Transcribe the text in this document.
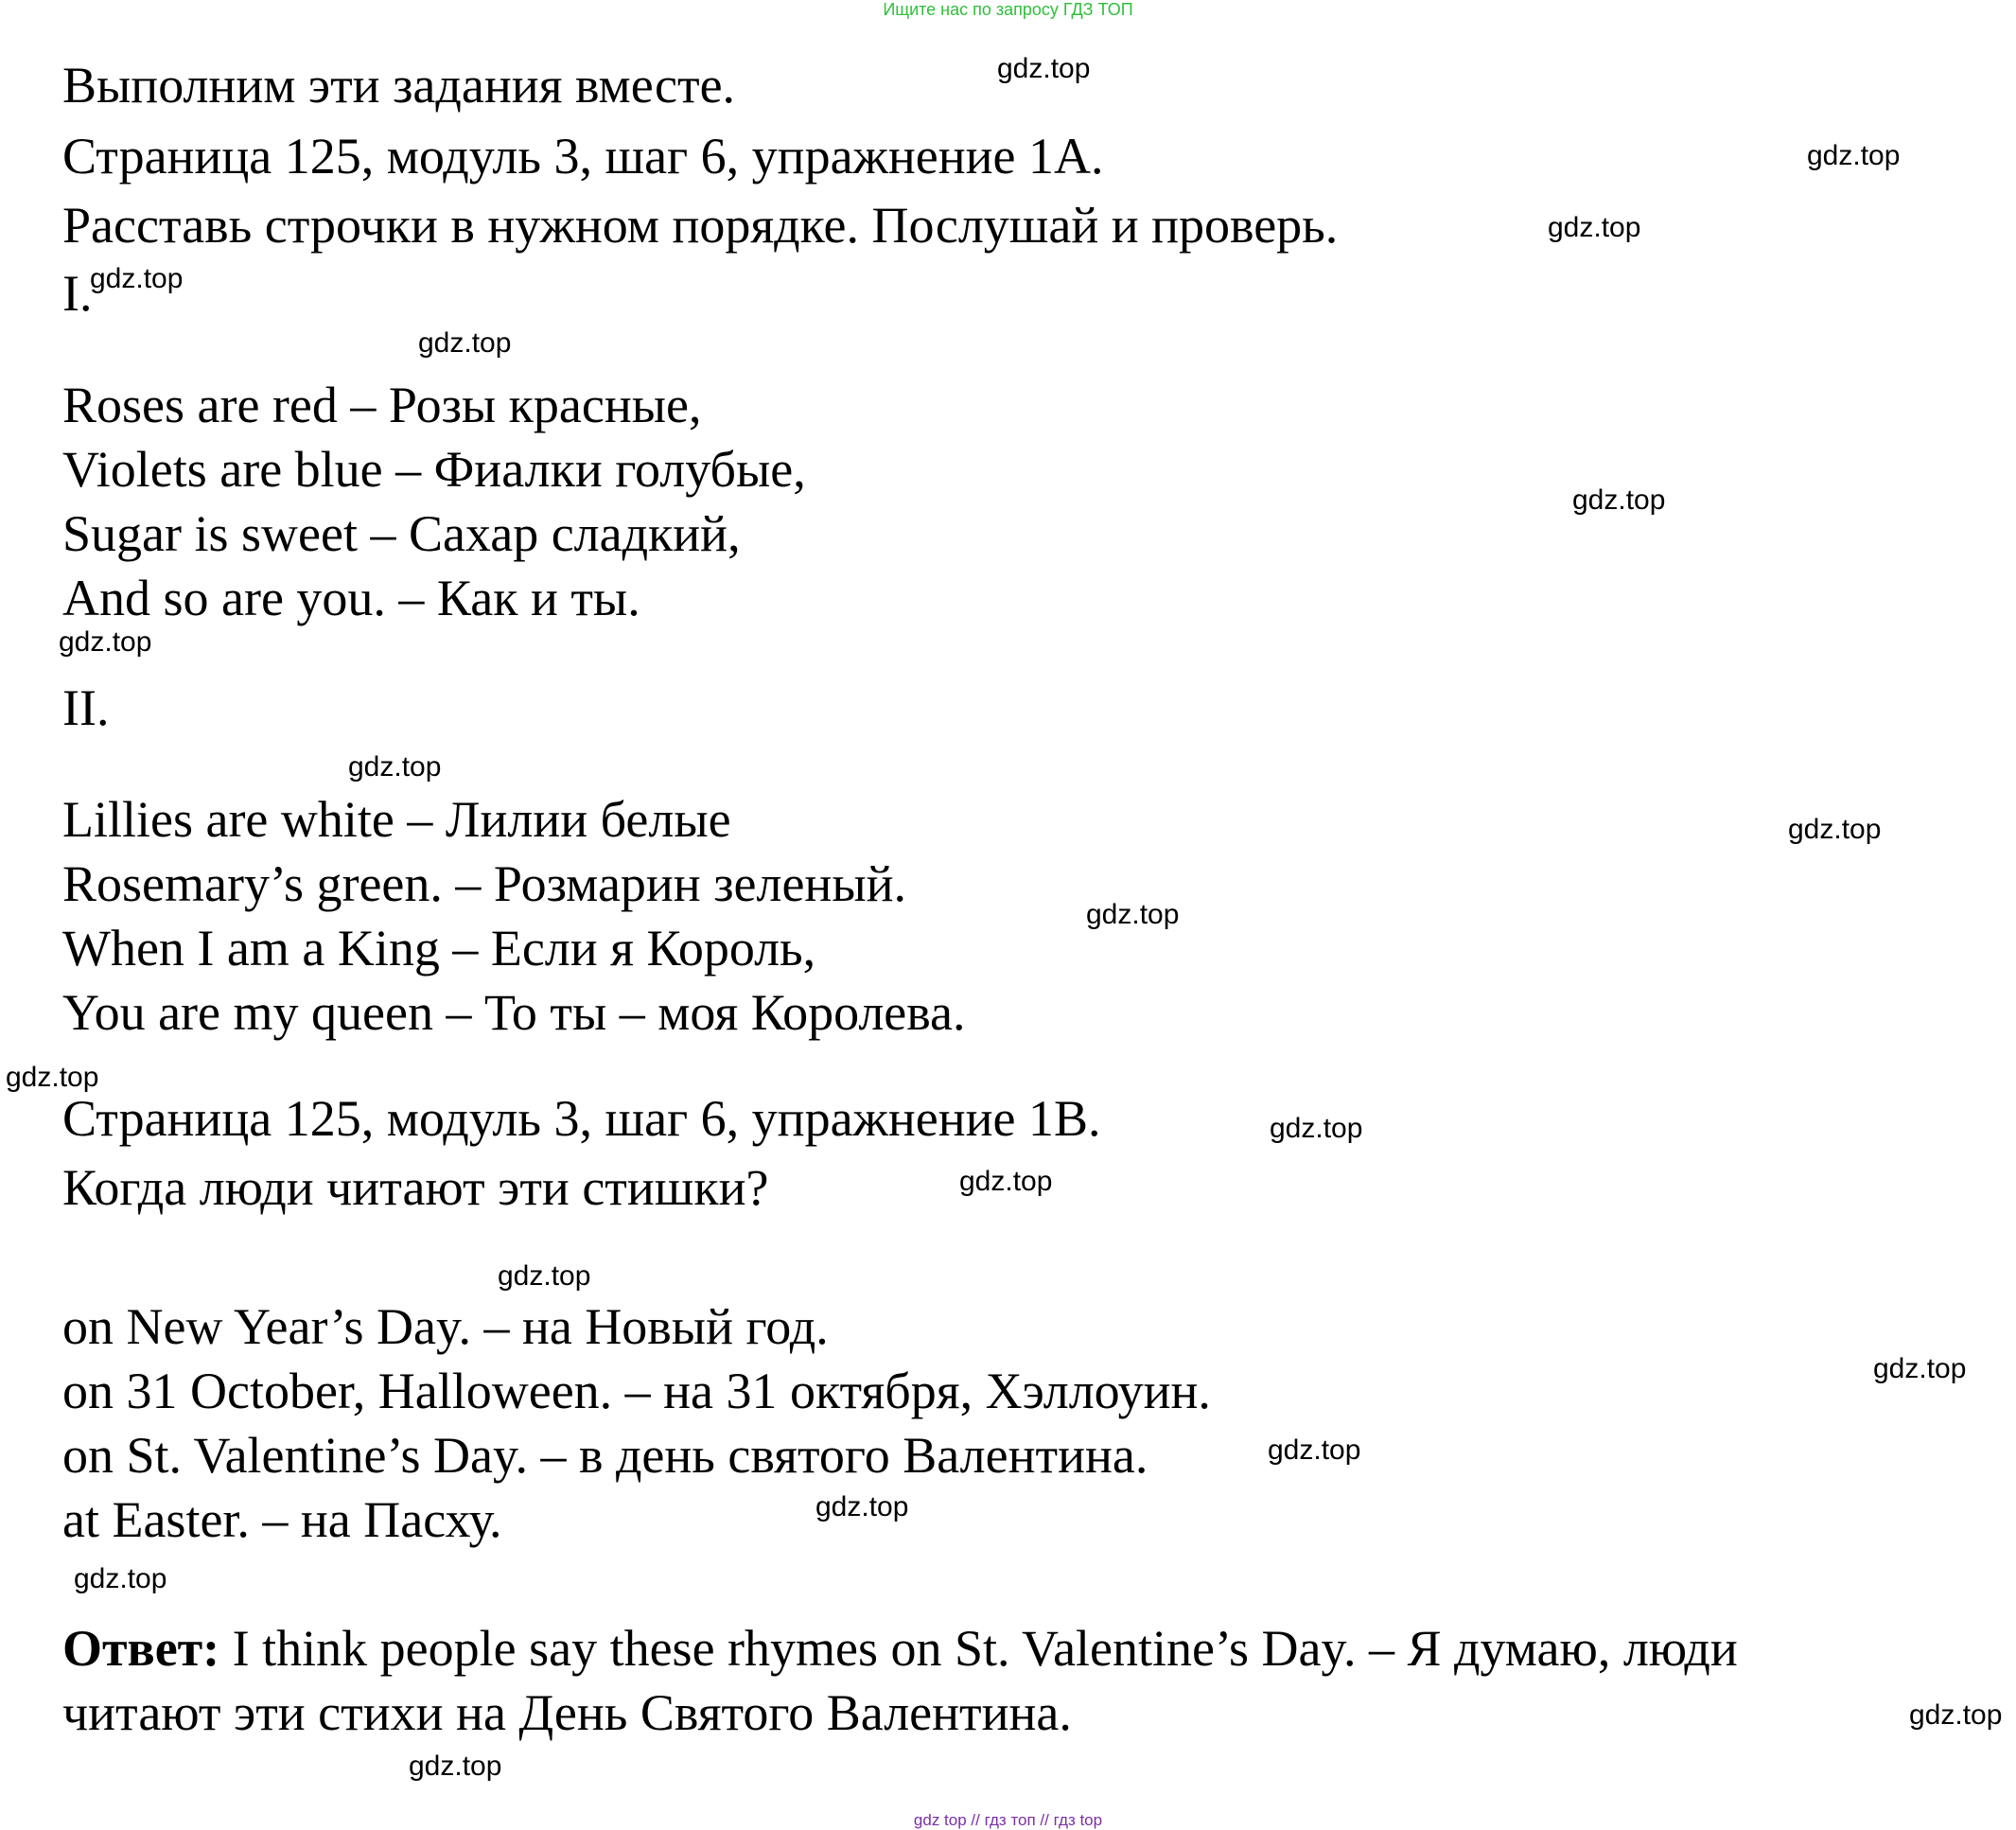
Ищите нас по запросу ГДЗ ТОП
Выполним эти задания вместе.
Страница 125, модуль 3, шаг 6, упражнение 1A.
Расставь строчки в нужном порядке. Послушай и проверь.
I.
Roses are red – Розы красные,
Violets are blue – Фиалки голубые,
Sugar is sweet – Сахар сладкий,
And so are you. – Как и ты.
II.
Lillies are white – Лилии белые
Rosemary’s green. – Розмарин зеленый.
When I am a King – Если я Король,
You are my queen – То ты – моя Королева.
Страница 125, модуль 3, шаг 6, упражнение 1B.
Когда люди читают эти стишки?
on New Year’s Day. – на Новый год.
on 31 October, Halloween. – на 31 октября, Хэллоуин.
on St. Valentine’s Day. – в день святого Валентина.
at Easter. – на Пасху.
Ответ: I think people say these rhymes on St. Valentine’s Day. – Я думаю, люди
читают эти стихи на День Святого Валентина.
gdz.top
gdz.top
gdz.top
gdz.top
gdz.top
gdz.top
gdz.top
gdz.top
gdz.top
gdz.top
gdz.top
gdz.top
gdz.top
gdz.top
gdz.top
gdz.top
gdz.top
gdz.top
gdz.top
gdz.top
gdz top // гдз топ // гдз top
